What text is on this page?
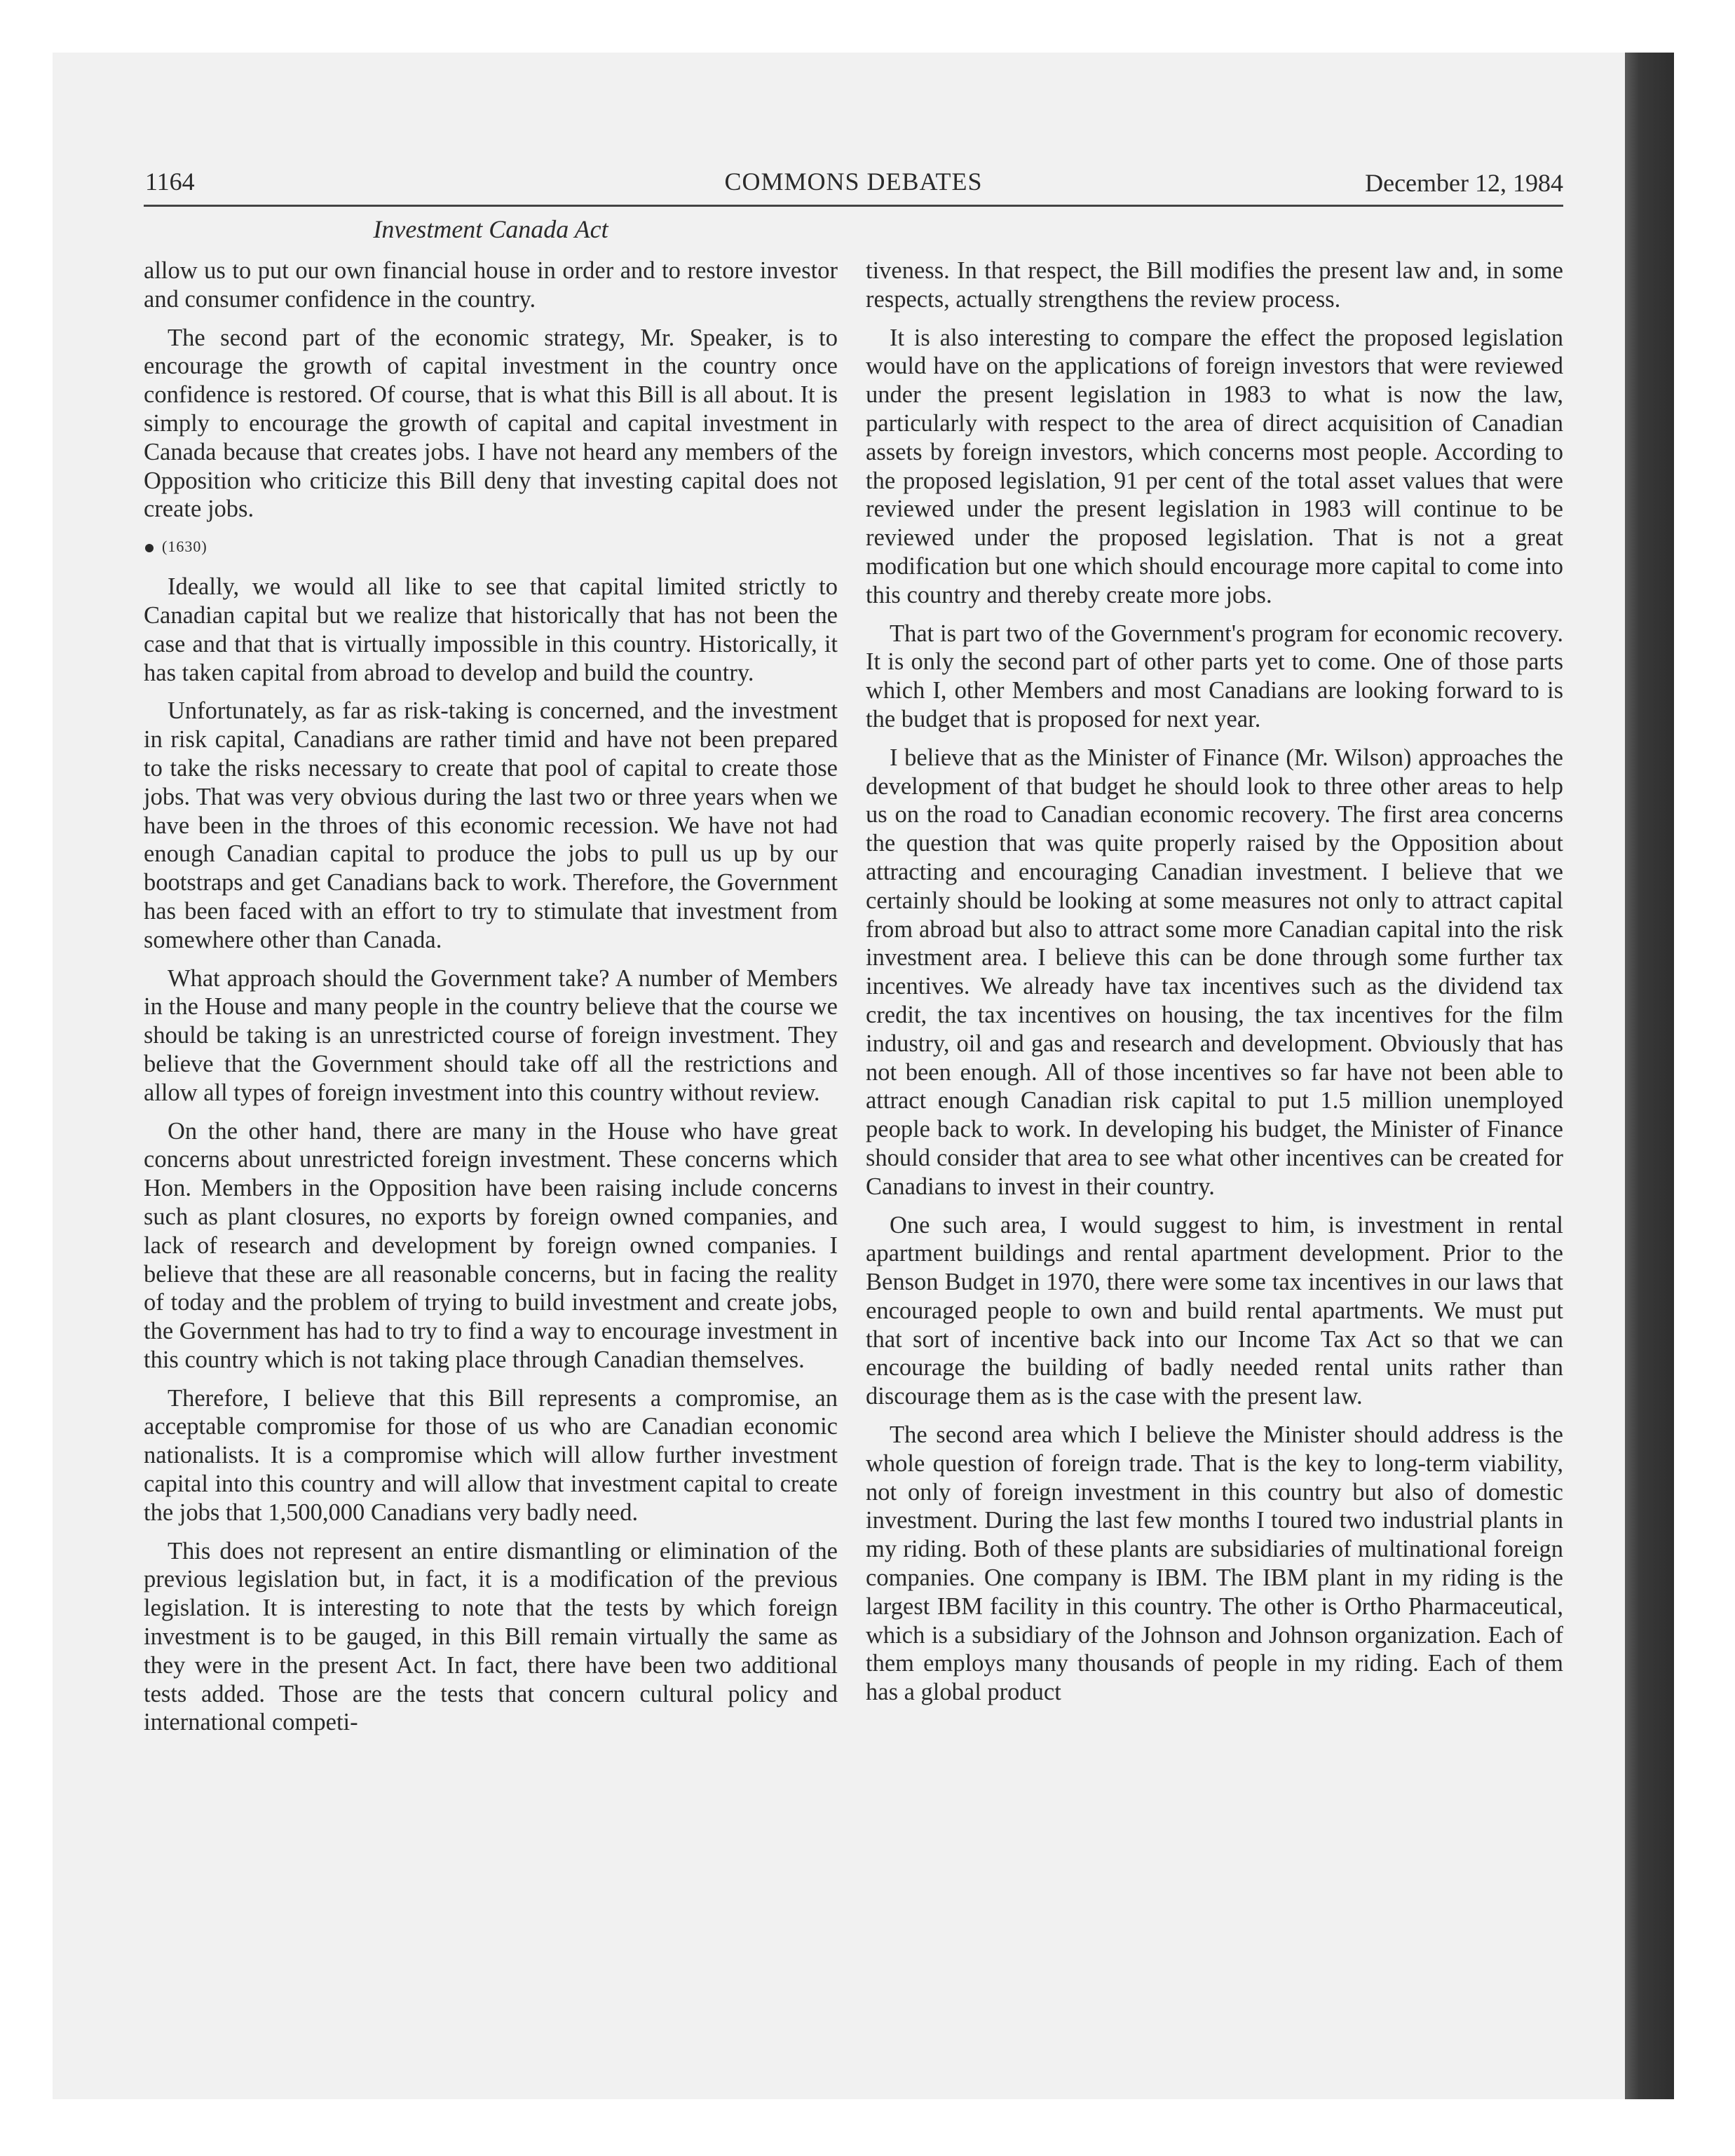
1164	COMMONS DEBATES	December 12, 1984
Investment Canada Act

allow us to put our own financial house in order and to restore investor and consumer confidence in the country.

The second part of the economic strategy, Mr. Speaker, is to encourage the growth of capital investment in the country once confidence is restored. Of course, that is what this Bill is all about. It is simply to encourage the growth of capital and capital investment in Canada because that creates jobs. I have not heard any members of the Opposition who criticize this Bill deny that investing capital does not create jobs.

(1630)

Ideally, we would all like to see that capital limited strictly to Canadian capital but we realize that historically that has not been the case and that that is virtually impossible in this country. Historically, it has taken capital from abroad to develop and build the country.

Unfortunately, as far as risk-taking is concerned, and the investment in risk capital, Canadians are rather timid and have not been prepared to take the risks necessary to create that pool of capital to create those jobs. That was very obvious during the last two or three years when we have been in the throes of this economic recession. We have not had enough Canadian capital to produce the jobs to pull us up by our bootstraps and get Canadians back to work. Therefore, the Government has been faced with an effort to try to stimulate that investment from somewhere other than Canada.

What approach should the Government take? A number of Members in the House and many people in the country believe that the course we should be taking is an unrestricted course of foreign investment. They believe that the Government should take off all the restrictions and allow all types of foreign investment into this country without review.

On the other hand, there are many in the House who have great concerns about unrestricted foreign investment. These concerns which Hon. Members in the Opposition have been raising include concerns such as plant closures, no exports by foreign owned companies, and lack of research and development by foreign owned companies. I believe that these are all reasonable concerns, but in facing the reality of today and the problem of trying to build investment and create jobs, the Government has had to try to find a way to encourage investment in this country which is not taking place through Canadian themselves.

Therefore, I believe that this Bill represents a compromise, an acceptable compromise for those of us who are Canadian economic nationalists. It is a compromise which will allow further investment capital into this country and will allow that investment capital to create the jobs that 1,500,000 Canadians very badly need.

This does not represent an entire dismantling or elimination of the previous legislation but, in fact, it is a modification of the previous legislation. It is interesting to note that the tests by which foreign investment is to be gauged, in this Bill remain virtually the same as they were in the present Act. In fact, there have been two additional tests added. Those are the tests that concern cultural policy and international competi-

tiveness. In that respect, the Bill modifies the present law and, in some respects, actually strengthens the review process.

It is also interesting to compare the effect the proposed legislation would have on the applications of foreign investors that were reviewed under the present legislation in 1983 to what is now the law, particularly with respect to the area of direct acquisition of Canadian assets by foreign investors, which concerns most people. According to the proposed legislation, 91 per cent of the total asset values that were reviewed under the present legislation in 1983 will continue to be reviewed under the proposed legislation. That is not a great modification but one which should encourage more capital to come into this country and thereby create more jobs.

That is part two of the Government's program for economic recovery. It is only the second part of other parts yet to come. One of those parts which I, other Members and most Canadians are looking forward to is the budget that is proposed for next year.

I believe that as the Minister of Finance (Mr. Wilson) approaches the development of that budget he should look to three other areas to help us on the road to Canadian economic recovery. The first area concerns the question that was quite properly raised by the Opposition about attracting and encouraging Canadian investment. I believe that we certainly should be looking at some measures not only to attract capital from abroad but also to attract some more Canadian capital into the risk investment area. I believe this can be done through some further tax incentives. We already have tax incentives such as the dividend tax credit, the tax incentives on housing, the tax incentives for the film industry, oil and gas and research and development. Obviously that has not been enough. All of those incentives so far have not been able to attract enough Canadian risk capital to put 1.5 million unemployed people back to work. In developing his budget, the Minister of Finance should consider that area to see what other incentives can be created for Canadians to invest in their country.

One such area, I would suggest to him, is investment in rental apartment buildings and rental apartment development. Prior to the Benson Budget in 1970, there were some tax incentives in our laws that encouraged people to own and build rental apartments. We must put that sort of incentive back into our Income Tax Act so that we can encourage the building of badly needed rental units rather than discourage them as is the case with the present law.

The second area which I believe the Minister should address is the whole question of foreign trade. That is the key to long-term viability, not only of foreign investment in this country but also of domestic investment. During the last few months I toured two industrial plants in my riding. Both of these plants are subsidiaries of multinational foreign companies. One company is IBM. The IBM plant in my riding is the largest IBM facility in this country. The other is Ortho Pharmaceutical, which is a subsidiary of the Johnson and Johnson organization. Each of them employs many thousands of people in my riding. Each of them has a global product
